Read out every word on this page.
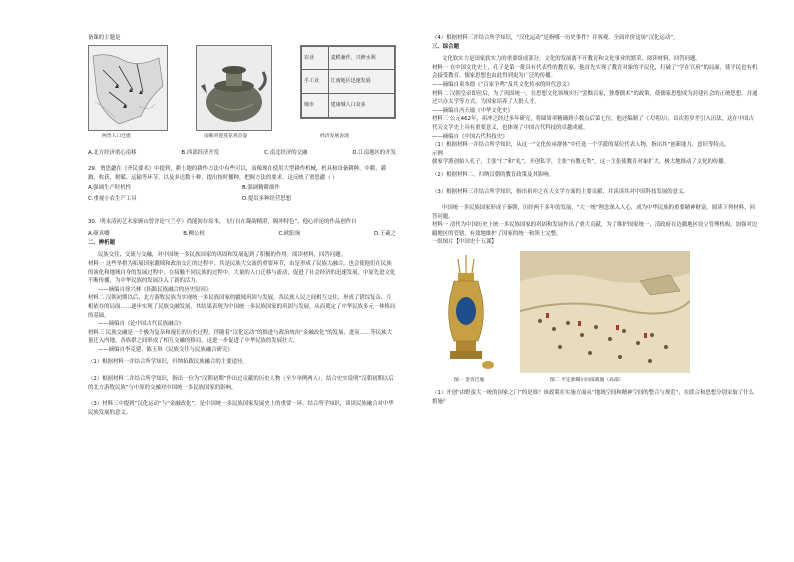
备课的主题是

农业	麦稻兼作，兴修水利
手工业	江南地区迅速发展
城市	建康城人口众多
两晋人口迁徙	南朝青瓷莲花鸡首壶	经济发展表现
A.北方经济重心南移	B.西部经济开发	C.南北经济的交融	D.江南地区的开发

29．贾思勰在《齐民要术》中提到，耕土地的耕作方法中有些可以，而像现在使用大型耕作机械，机具和设备耕种、中耕、灌溉、收获、税赋、运输等环节，以及多达数十种，提出按时播种，把握方法的要求。这反映了贾思勰（ ）

A.强调生产时机性	B.强调精耕细作
C.重视小农生产工具	D.提出多种经营思想

30．明末清初艺术家顾山曾评论“《兰亭》尚能间存原本，飞行自在凝韵精湛，隔冲特色”。他心评论的作品创作自

A.颜真卿	B.柳公权	C.欧阳询	D.王羲之

二、辨析题

民族交往、交流与交融，对中国统一多民族国家的巩固和发展起到了积极的作用。阅读材料，回答问题。

材料一 这些举措为拓展国家疆域和政治交汇的过程中，其是民族大交流的重要环节，由是形成了民族大融合，也会使他们在民族的演化和地域自身的发展过程中，在接触不同民族的过程中，大量的人口迁移与流动，促进了社会经济的迅速发展，中原先进文化不断传播，为中华民族的发展注入了新的活力。

——摘编自徐兴林《拓跋民族融合的历史原因》

材料二 汉朝初期以后，北方游牧民族为实现统一多民族国家的疆域巩固与发展，各民族人民之间相互交往，形成了错综复杂、互相依存的局面……逐步实现了民族交融发展，其结果表现为中国统一多民族国家的巩固与发展，从而奠定了中华民族多元一体格局的基础。

——摘编自《论中国古代民族融合》

材料三 民族交融是一个极为复杂和漫长的历史过程，伴随着“汉化运动”的推进与政治统治“金融改化”的发展，进而……等民族大量迁入内地，各族群之间形成了相互交融的格局，这进一步促进了中华民族的发展壮大。

——摘编自李克建、陈玉屏《民族交往与民族融合研究》

（1）根据材料一并结合所学知识，归纳拓跋民族融合的主要途径。

（2）根据材料二并结合所学知识，指出一位为“汉朝初期”作出过贡献的历史人物（至少举例两人）。结合史实说明“汉朝初期以后的北方游牧民族”与中原的交融对中国统一多民族国家的影响。

（3）材料三中提到“汉化运动”与“金融改化”，是中国统一多民族国家发展史上的重要一环。结合所学知识，谈谈民族融合对中华民族发展的意义。

（4）根据材料三并结合所学知识，“汉化运动”是指哪一历史事件？并客观、全面评价这场“汉化运动”。

三、综合题

文化软实力是国家软实力的重要组成部分，文化的发展离不开教育和文化事业的繁荣，阅读材料，回答问题。

材料一 在中国文化史上，孔子是第一批具有代表性的教育家，他首先实现了教育对象的平民化，打破了“学在官府”的局面，使平民也有机会接受教育，儒家思想也由此得到更为广泛的传播。

——摘编自童本德《“百家争鸣”及其文化传承的时代意义》

材料二 汉朝皇帝即位后，为了巩固统一，在思想文化领域实行“罢黜百家，独尊儒术”的政策，使儒家思想成为封建社会的正统思想，并通过兴办太学等方式，为国家培养了大批人才。

——摘编自冯天瑜《中华文化史》

材料三 公元462年，祖冲之经过多年研究，将圆周率精确到小数点后第七位，他还编制了《大明历》，首次将岁差引入历法，这在中国古代天文学史上具有重要意义，也体现了中国古代科技的卓越成就。

——摘编自《中国古代科技史》

（1）根据材料一并结合所学知识，从这一“文化传承群体”中任选一个学派的某位代表人物，指出其“创新能力、意识等特点。

示例

儒家学派创始人孔子，主张“仁”和“礼”，开创私学，主张“有教无类”，这一主张使教育对象扩大，极大地推动了文化的传播。

（2）根据材料二，归纳汉朝的教育政策及其影响。

（3）根据材料三并结合所学知识，指出祖冲之在天文学方面的主要贡献，并谈谈其对中国科技发展的意义。

中国统一多民族国家形成于秦朝，历经两千多年的发展，“大一统”理念深入人心，成为中华民族的重要精神财富。阅读下列材料，回答问题。

材料一 清代为中国历史上统一多民族国家的巩固和发展作出了重大贡献，为了维护国家统一，清政府在边疆地区设立管理机构，加强对边疆地区的管辖，有效地维护了国家的统一和领土完整。

一组图片【中国史十五课】

图一 金奔巴瓶	图二 平定准噶尔回部战图（局部）

（1）开创“由野蛮大一统的国家之门”的是谁？该政策在实施方面从“地域空间和精神空间的整合与规范”，在联合和思想分别采取了什么措施？
